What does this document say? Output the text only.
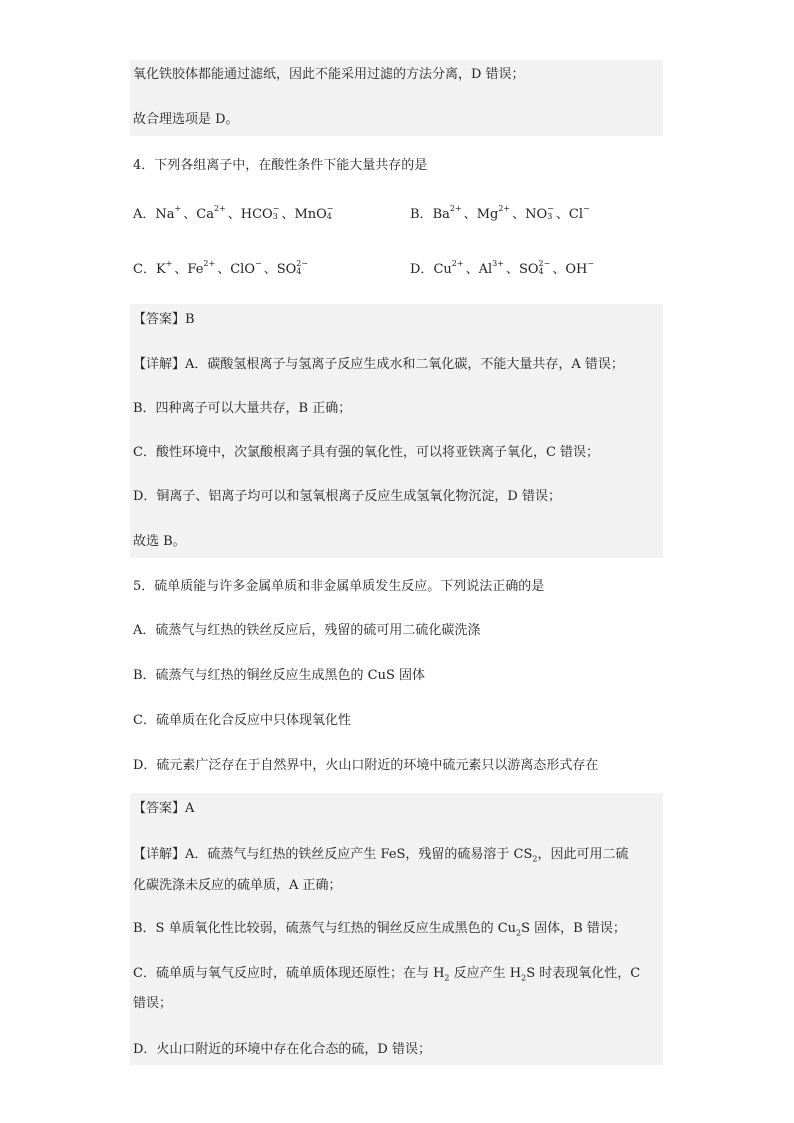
氧化铁胶体都能通过滤纸，因此不能采用过滤的方法分离，D 错误；
故合理选项是 D。
4．下列各组离子中，在酸性条件下能大量共存的是
A．Na +
、Ca 2+
、HCO −
3 、MnO −
4	B．Ba 2+
、Mg 2+
、NO −
3 、Cl −

C．K +
、Fe 2+
、ClO −
、SO 2−
4	D．Cu 2+
、Al 3+
、SO 2−
4 、OH −

【答案】B
【详解】A．碳酸氢根离子与氢离子反应生成水和二氧化碳，不能大量共存，A 错误；
B．四种离子可以大量共存，B 正确；
C．酸性环境中，次氯酸根离子具有强的氧化性，可以将亚铁离子氧化，C 错误；
D．铜离子、铝离子均可以和氢氧根离子反应生成氢氧化物沉淀，D 错误；
故选 B。
5．硫单质能与许多金属单质和非金属单质发生反应。下列说法正确的是
A．硫蒸气与红热的铁丝反应后，残留的硫可用二硫化碳洗涤
B．硫蒸气与红热的铜丝反应生成黑色的 CuS 固体
C．硫单质在化合反应中只体现氧化性
D．硫元素广泛存在于自然界中，火山口附近的环境中硫元素只以游离态形式存在
【答案】A
【详解】A．硫蒸气与红热的铁丝反应产生 FeS，残留的硫易溶于 $CS_2$，因此可用二硫
化碳洗涤未反应的硫单质，A 正确；
B．S 单质氧化性比较弱，硫蒸气与红热的铜丝反应生成黑色的 $Cu_2S$ 固体，B 错误；
C．硫单质与氧气反应时，硫单质体现还原性；在与 $H_2$ 反应产生 $H_2S$ 时表现氧化性，C
错误；
D．火山口附近的环境中存在化合态的硫，D 错误；
